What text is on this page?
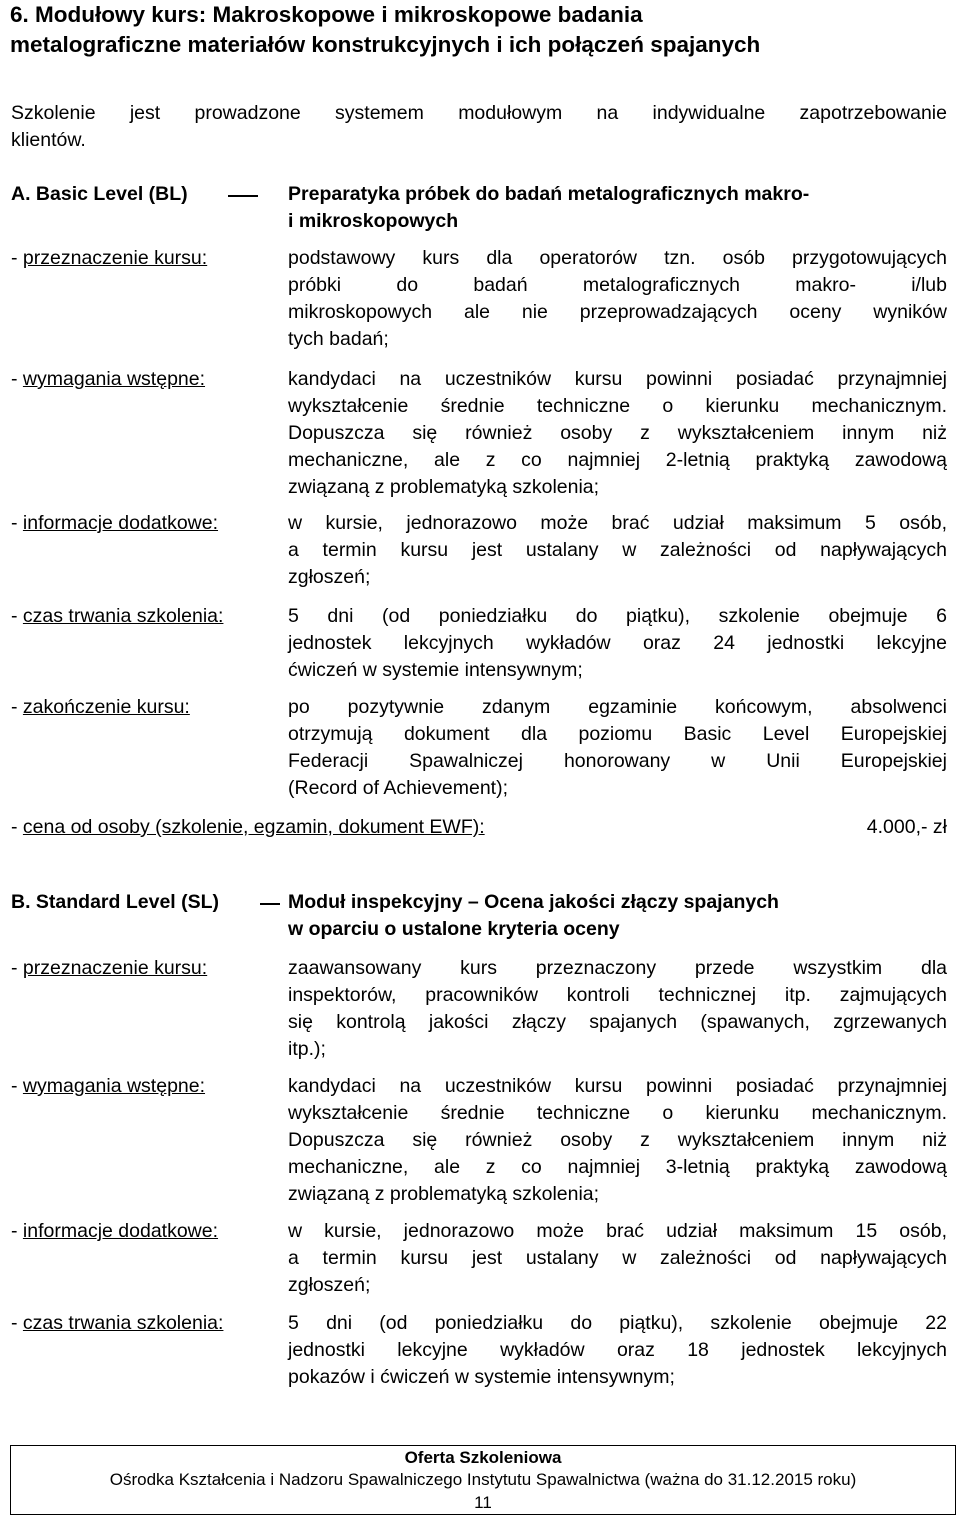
6. Modułowy kurs: Makroskopowe i mikroskopowe badania
metalograficzne materiałów konstrukcyjnych i ich połączeń spajanych
Szkolenie jest prowadzone systemem modułowym na indywidualne zapotrzebowanie
klientów.
A. Basic Level (BL)	Preparatyka próbek do badań metalograficznych makro-
i mikroskopowych
- przeznaczenie kursu:	podstawowy kurs dla operatorów tzn. osób przygotowujących
próbki do badań metalograficznych makro- i/lub
mikroskopowych ale nie przeprowadzających oceny wyników
tych badań;
- wymagania wstępne:	kandydaci na uczestników kursu powinni posiadać przynajmniej
wykształcenie średnie techniczne o kierunku mechanicznym.
Dopuszcza się również osoby z wykształceniem innym niż
mechaniczne, ale z co najmniej 2-letnią praktyką zawodową
związaną z problematyką szkolenia;
- informacje dodatkowe:	w kursie, jednorazowo może brać udział maksimum 5 osób,
a termin kursu jest ustalany w zależności od napływających
zgłoszeń;
- czas trwania szkolenia:	5 dni (od poniedziałku do piątku), szkolenie obejmuje 6
jednostek lekcyjnych wykładów oraz 24 jednostki lekcyjne
ćwiczeń w systemie intensywnym;
- zakończenie kursu:	po pozytywnie zdanym egzaminie końcowym, absolwenci
otrzymują dokument dla poziomu Basic Level Europejskiej
Federacji Spawalniczej honorowany w Unii Europejskiej
(Record of Achievement);
- cena od osoby (szkolenie, egzamin, dokument EWF):	4.000,- zł
B. Standard Level (SL)	Moduł inspekcyjny – Ocena jakości złączy spajanych
w oparciu o ustalone kryteria oceny
- przeznaczenie kursu:	zaawansowany kurs przeznaczony przede wszystkim dla
inspektorów, pracowników kontroli technicznej itp. zajmujących
się kontrolą jakości złączy spajanych (spawanych, zgrzewanych
itp.);
- wymagania wstępne:	kandydaci na uczestników kursu powinni posiadać przynajmniej
wykształcenie średnie techniczne o kierunku mechanicznym.
Dopuszcza się również osoby z wykształceniem innym niż
mechaniczne, ale z co najmniej 3-letnią praktyką zawodową
związaną z problematyką szkolenia;
- informacje dodatkowe:	w kursie, jednorazowo może brać udział maksimum 15 osób,
a termin kursu jest ustalany w zależności od napływających
zgłoszeń;
- czas trwania szkolenia:	5 dni (od poniedziałku do piątku), szkolenie obejmuje 22
jednostki lekcyjne wykładów oraz 18 jednostek lekcyjnych
pokazów i ćwiczeń w systemie intensywnym;
Oferta Szkoleniowa
Ośrodka Kształcenia i Nadzoru Spawalniczego Instytutu Spawalnictwa (ważna do 31.12.2015 roku)
11
